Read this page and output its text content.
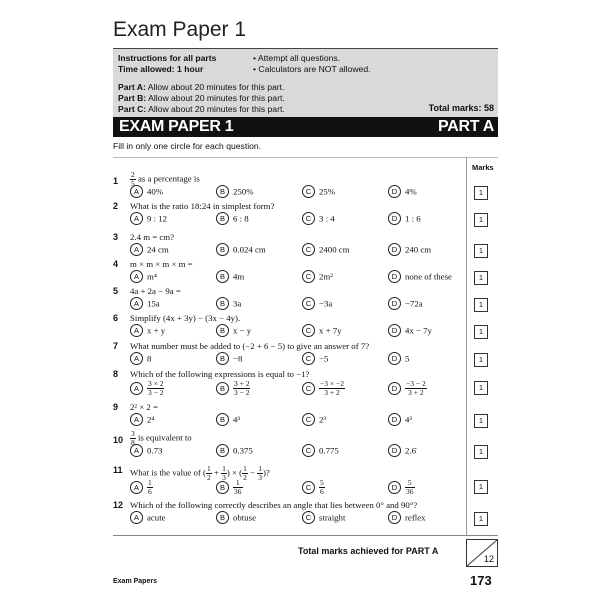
Exam Paper 1
Instructions for all parts
Time allowed: 1 hour
• Attempt all questions.
• Calculators are NOT allowed.
Part A: Allow about 20 minutes for this part.
Part B: Allow about 20 minutes for this part.
Part C: Allow about 20 minutes for this part.	Total marks: 58
EXAM PAPER 1	PART A
Fill in only one circle for each question.
Marks
$1 \frac{2}{5}$ as a percentage is
A 40%	B 250%	C 25%	D 4%	1
2 What is the ratio 18:24 in simplest form?
A 9 : 12	B 6 : 8	C 3 : 4	D 1 : 6	1
3 2.4 m = cm?
A 24 cm	B 0.024 cm	C 2400 cm	D 240 cm	1
4 m × m × m × m =
A m⁴	B 4m	C 2m²	D none of these	1
5 4a + 2a − 9a =
A 15a	B 3a	C −3a	D −72a	1
6 Simplify (4x + 3y) − (3x − 4y).
A x + y	B x − y	C x + 7y	D 4x − 7y	1
7 What number must be added to (−2 + 6 − 5) to give an answer of 7?
A 8	B −8	C −5	D 5	1
8 Which of the following expressions is equal to −1?
A $\frac{3 \times 2}{3 - 2}$	B $\frac{3 + 2}{3 - 2}$	C $\frac{-3 \times -2}{3 + 2}$	D $\frac{-3 - 2}{3 + 2}$	1
9 2² × 2 =
A 2⁴	B 4³	C 2³	D 4³	1
$10 \frac{3}{8}$ is equivalent to
A 0.73	B 0.375	C 0.775	D 2.6̇	1
11 What is the value of ( $\frac{1}{2} + \frac{1}{3}$ ) × ( $\frac{1}{2} - \frac{1}{3}$ )?
A $\frac{1}{6}$	B $\frac{1}{36}$	C $\frac{5}{6}$	D $\frac{5}{36}$	1
12 Which of the following correctly describes an angle that lies between 0° and 90°?
A acute	B obtuse	C straight	D reflex	1
Total marks achieved for PART A
12
Exam Papers	173
